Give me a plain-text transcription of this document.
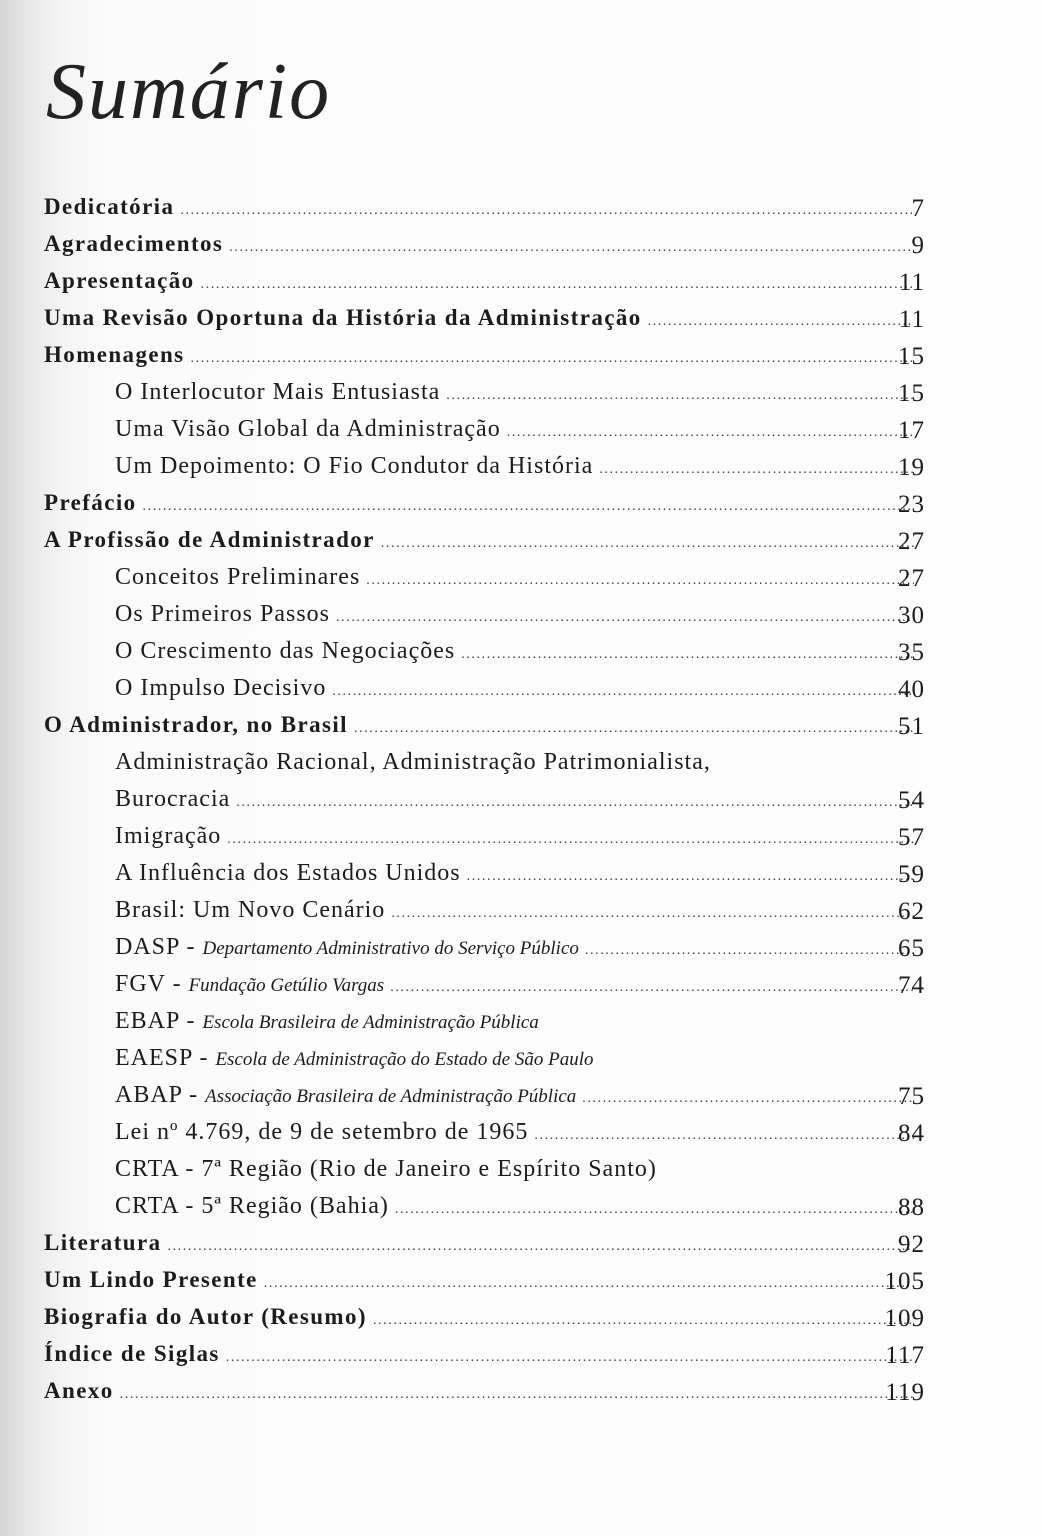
Sumário
Dedicatória .....	7
Agradecimentos .....	9
Apresentação .....	11
Uma Revisão Oportuna da História da Administração .....	11
Homenagens .....	15
O Interlocutor Mais Entusiasta .....	15
Uma Visão Global da Administração .....	17
Um Depoimento: O Fio Condutor da História .....	19
Prefácio .....	23
A Profissão de Administrador .....	27
Conceitos Preliminares .....	27
Os Primeiros Passos .....	30
O Crescimento das Negociações .....	35
O Impulso Decisivo .....	40
O Administrador, no Brasil .....	51
Administração Racional, Administração Patrimonialista,
Burocracia .....	54
Imigração .....	57
A Influência dos Estados Unidos .....	59
Brasil: Um Novo Cenário .....	62
DASP - Departamento Administrativo do Serviço Público .....	65
FGV - Fundação Getúlio Vargas .....	74
EBAP - Escola Brasileira de Administração Pública
EAESP - Escola de Administração do Estado de São Paulo
ABAP - Associação Brasileira de Administração Pública .....	75
Lei nº 4.769, de 9 de setembro de 1965 .....	84
CRTA - 7ª Região (Rio de Janeiro e Espírito Santo)
CRTA - 5ª Região (Bahia) .....	88
Literatura .....	92
Um Lindo Presente .....	105
Biografia do Autor (Resumo) .....	109
Índice de Siglas .....	117
Anexo .....	119
